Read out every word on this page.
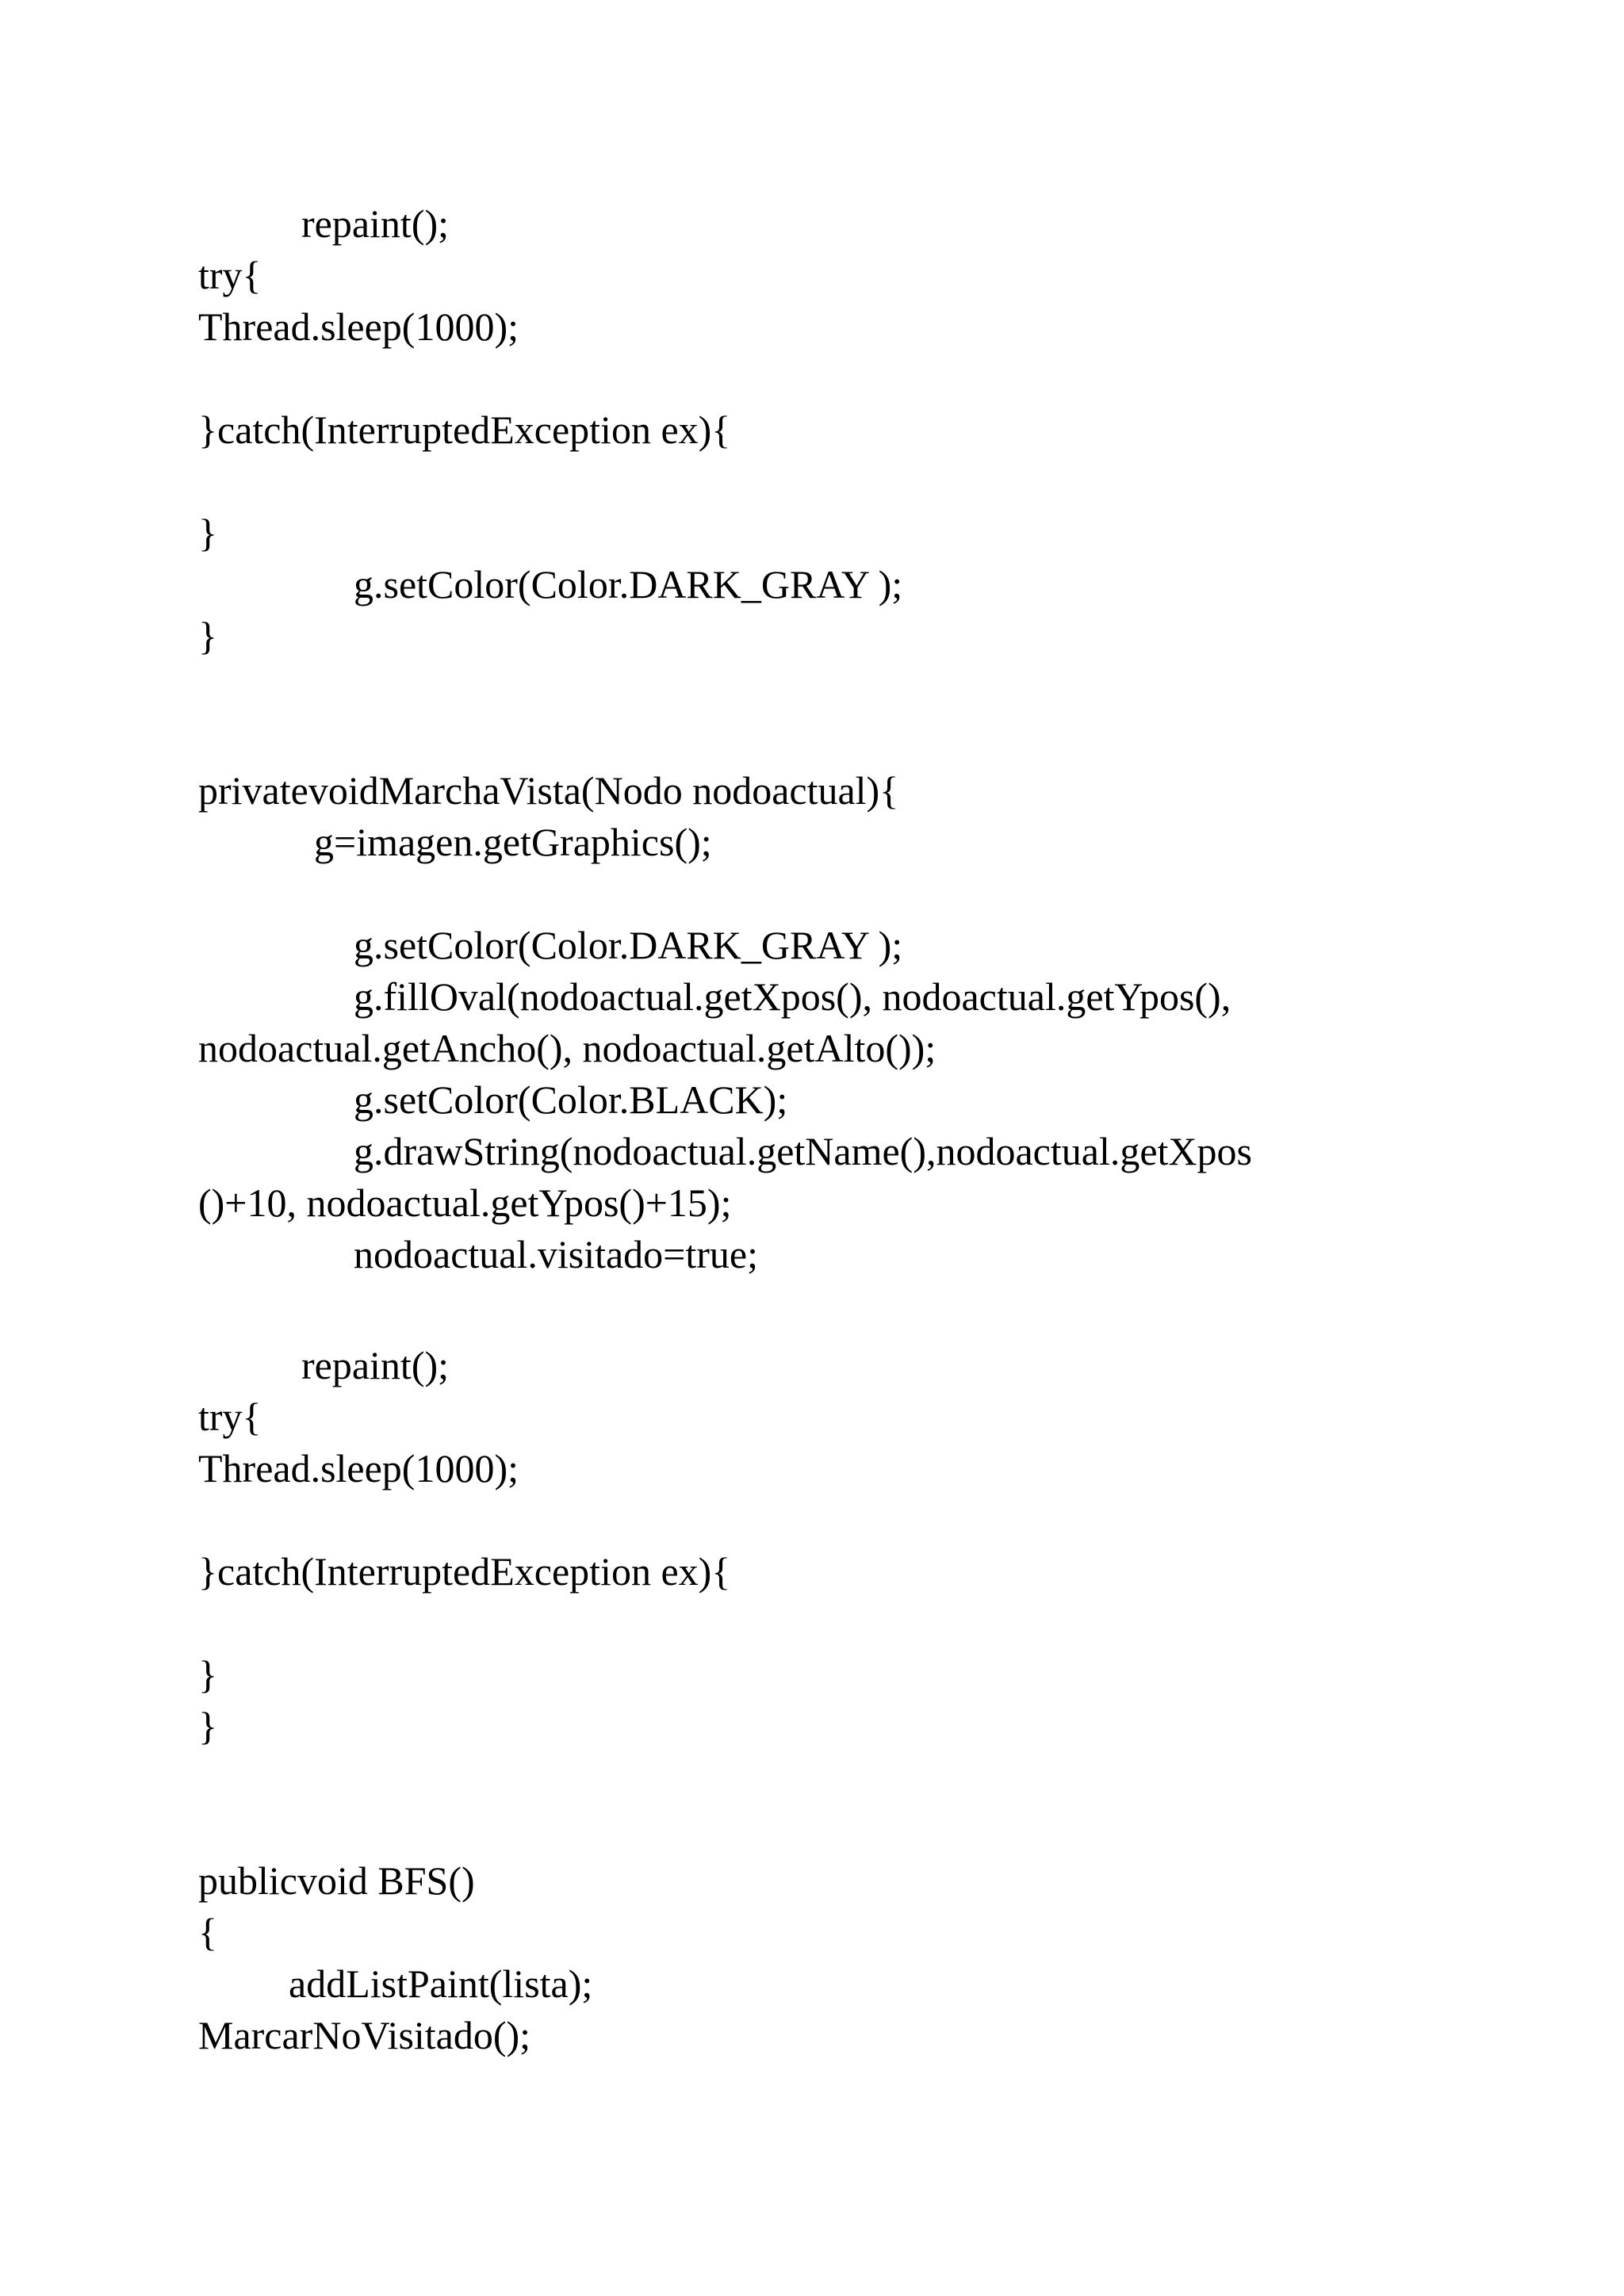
repaint();
try{
Thread.sleep(1000);
}catch(InterruptedException ex){
}
g.setColor(Color.DARK_GRAY );
}
privatevoidMarchaVista(Nodo nodoactual){
g=imagen.getGraphics();
g.setColor(Color.DARK_GRAY );
g.fillOval(nodoactual.getXpos(), nodoactual.getYpos(),
nodoactual.getAncho(), nodoactual.getAlto());
g.setColor(Color.BLACK);
g.drawString(nodoactual.getName(),nodoactual.getXpos
()+10, nodoactual.getYpos()+15);
nodoactual.visitado=true;
repaint();
try{
Thread.sleep(1000);
}catch(InterruptedException ex){
}
}
publicvoid BFS()
{
addListPaint(lista);
MarcarNoVisitado();
